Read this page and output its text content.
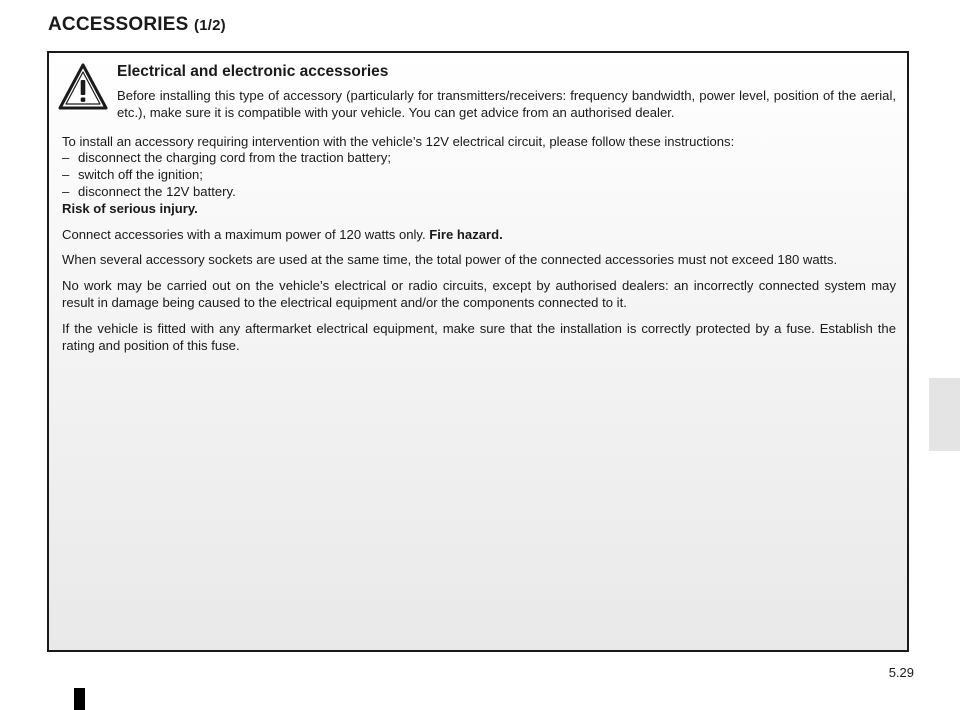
ACCESSORIES (1/2)
Electrical and electronic accessories
Before installing this type of accessory (particularly for transmitters/receivers: frequency bandwidth, power level, position of the aerial, etc.), make sure it is compatible with your vehicle. You can get advice from an authorised dealer.
To install an accessory requiring intervention with the vehicle’s 12V electrical circuit, please follow these instructions:
– disconnect the charging cord from the traction battery;
– switch off the ignition;
– disconnect the 12V battery.
Risk of serious injury.
Connect accessories with a maximum power of 120 watts only. Fire hazard.
When several accessory sockets are used at the same time, the total power of the connected accessories must not exceed 180 watts.
No work may be carried out on the vehicle’s electrical or radio circuits, except by authorised dealers: an incorrectly connected system may result in damage being caused to the electrical equipment and/or the components connected to it.
If the vehicle is fitted with any aftermarket electrical equipment, make sure that the installation is correctly protected by a fuse. Establish the rating and position of this fuse.
5.29
